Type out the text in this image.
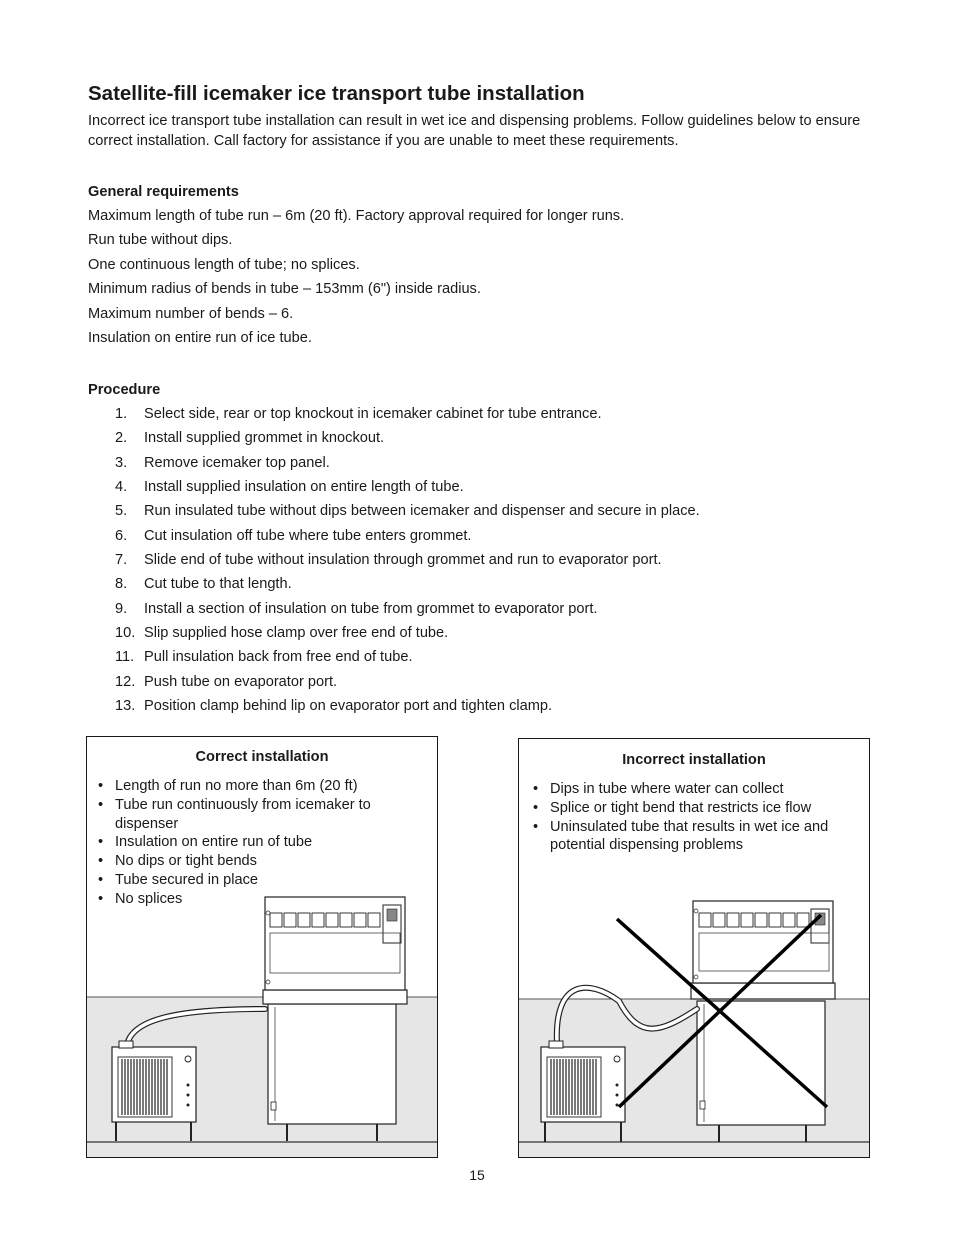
Satellite-fill icemaker ice transport tube installation

Incorrect ice transport tube installation can result in wet ice and dispensing problems. Follow guidelines below to ensure correct installation. Call factory for assistance if you are unable to meet these requirements.

General requirements

Maximum length of tube run – 6m (20 ft). Factory approval required for longer runs.
Run tube without dips.
One continuous length of tube; no splices.
Minimum radius of bends in tube – 153mm (6") inside radius.
Maximum number of bends – 6.
Insulation on entire run of ice tube.

Procedure

1.	Select side, rear or top knockout in icemaker cabinet for tube entrance.
2.	Install supplied grommet in knockout.
3.	Remove icemaker top panel.
4.	Install supplied insulation on entire length of tube.
5.	Run insulated tube without dips between icemaker and dispenser and secure in place.
6.	Cut insulation off tube where tube enters grommet.
7.	Slide end of tube without insulation through grommet and run to evaporator port.
8.	Cut tube to that length.
9.	Install a section of insulation on tube from grommet to evaporator port.
10. Slip supplied hose clamp over free end of tube.
11. Pull insulation back from free end of tube.
12. Push tube on evaporator port.
13. Position clamp behind lip on evaporator port and tighten clamp.

Correct installation

• Length of run no more than 6m (20 ft)
• Tube run continuously from icemaker to dispenser
• Insulation on entire run of tube
• No dips or tight bends
• Tube secured in place
• No splices

Incorrect installation

• Dips in tube where water can collect
• Splice or tight bend that restricts ice flow
• Uninsulated tube that results in wet ice and potential dispensing problems
15
